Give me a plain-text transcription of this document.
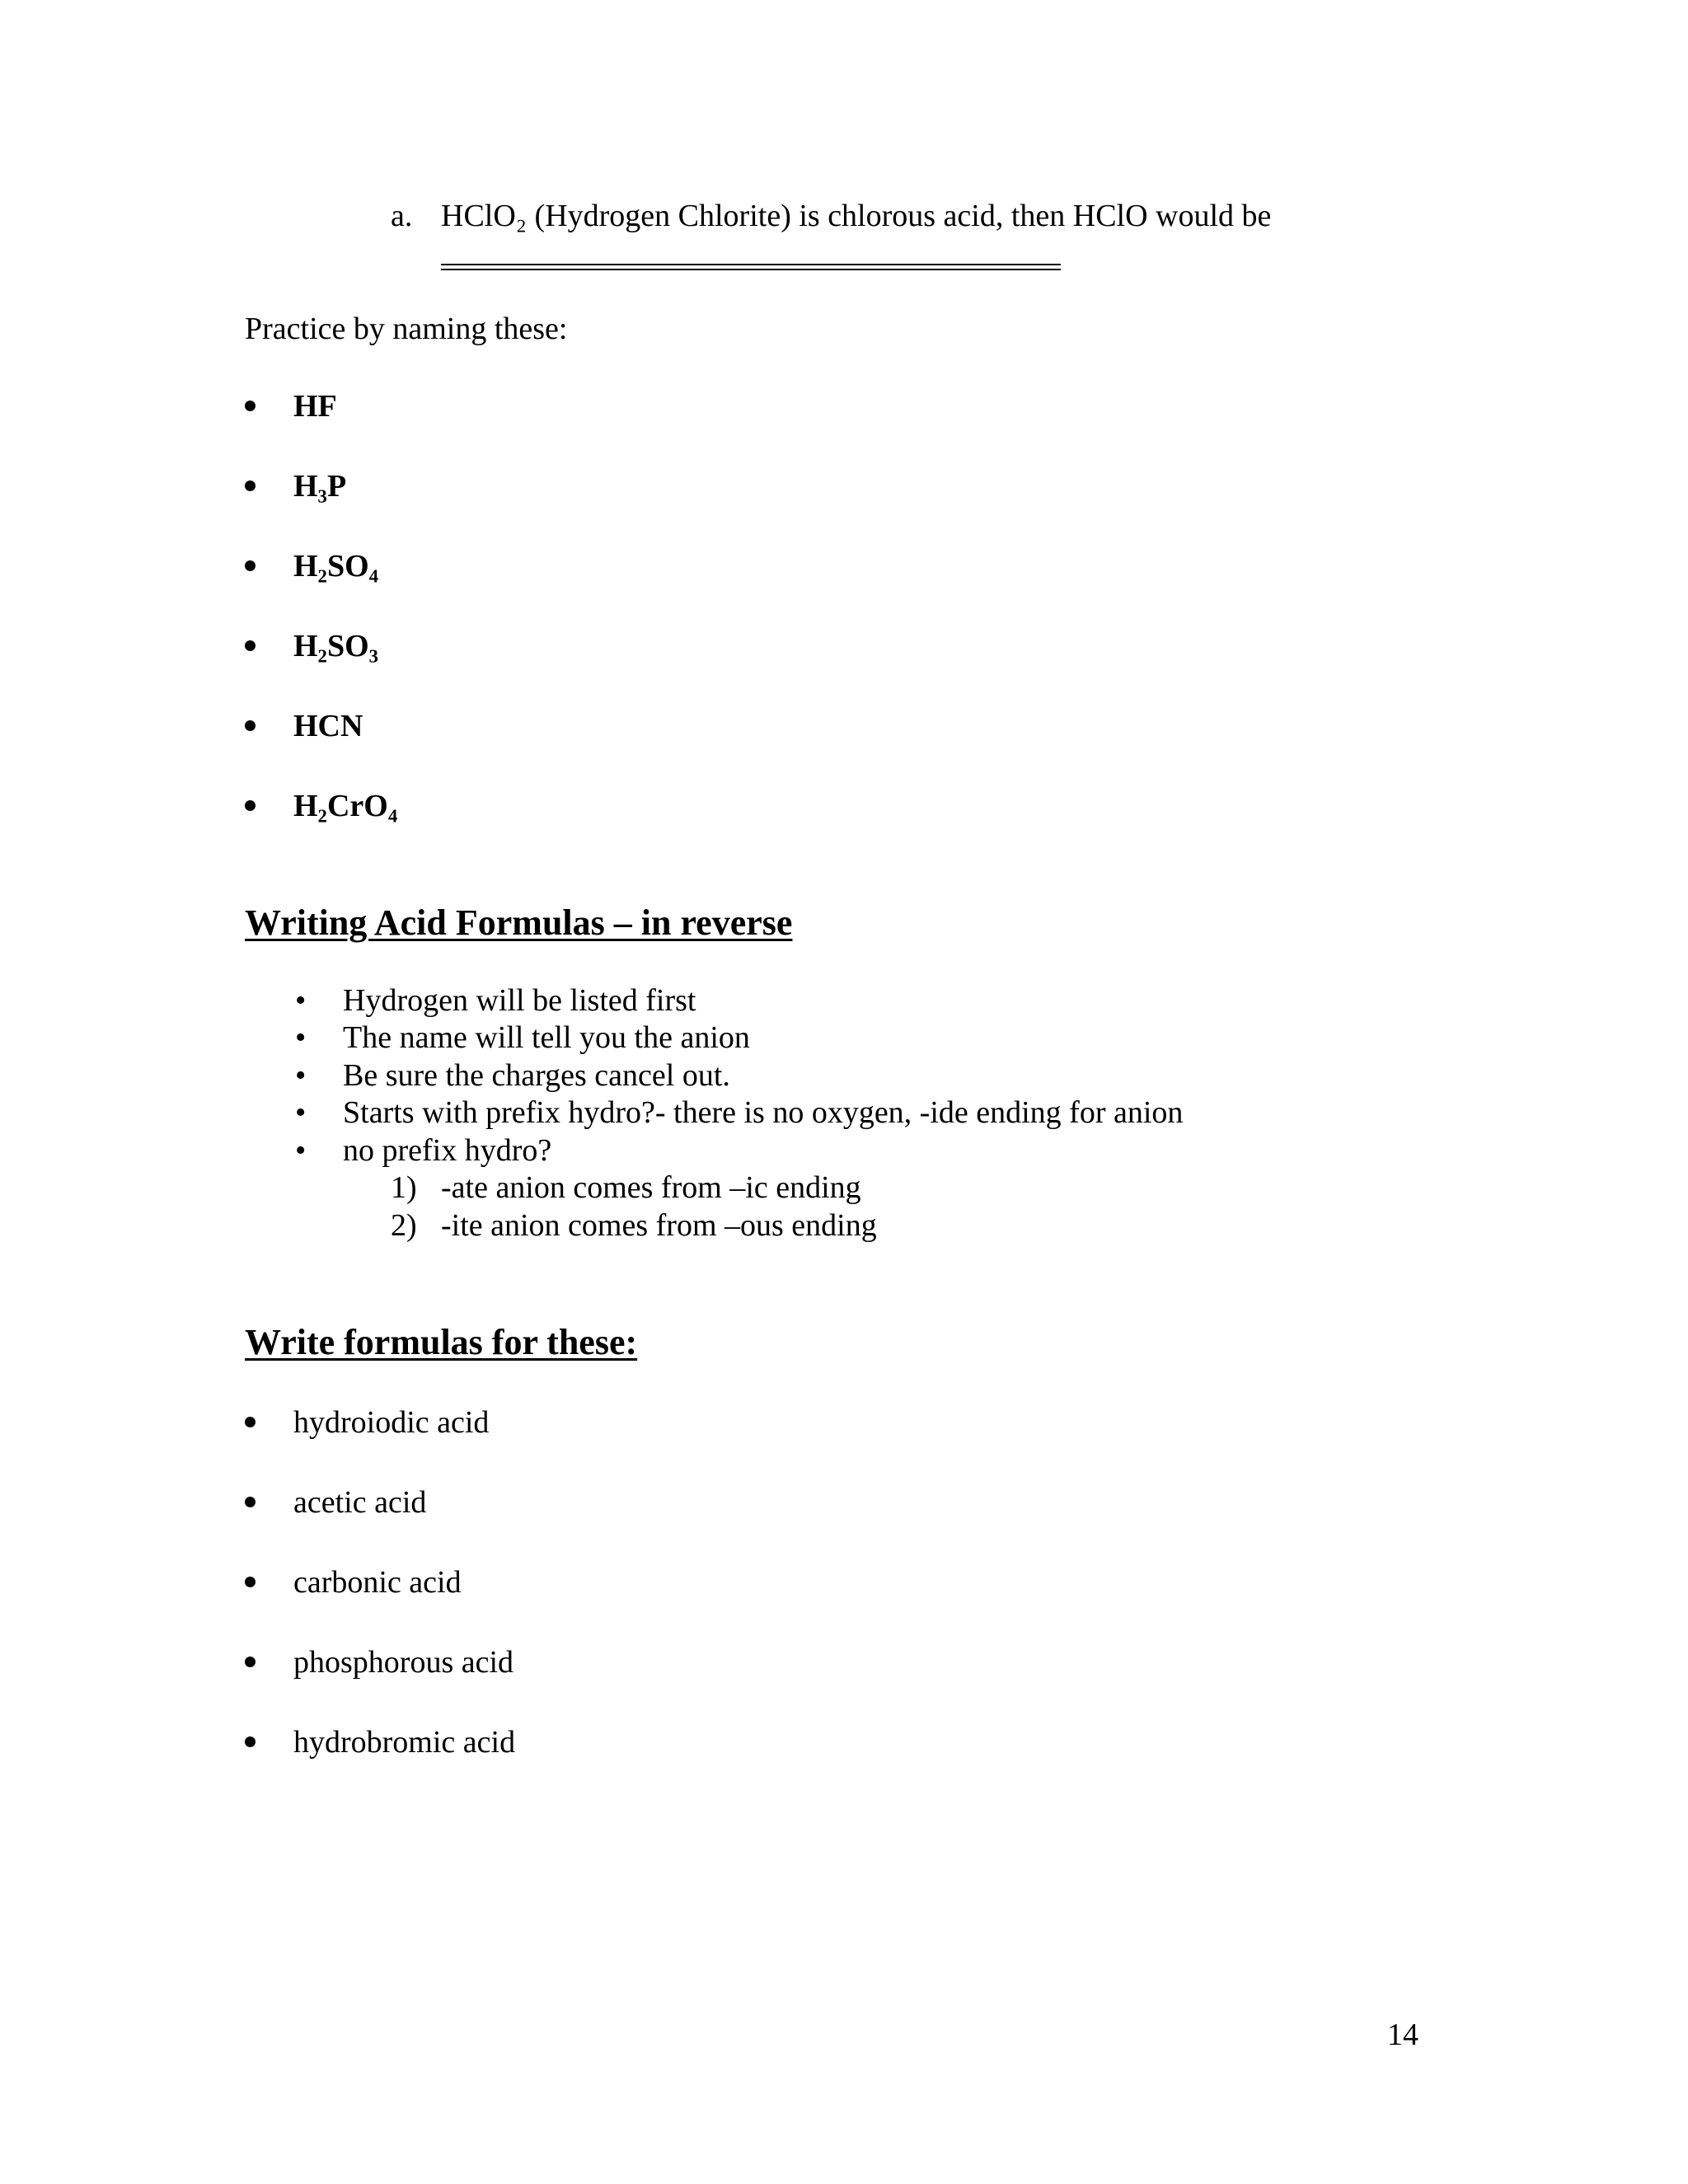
a. HClO₂ (Hydrogen Chlorite) is chlorous acid, then HClO would be
Practice by naming these:
HF
H₃P
H₂SO₄
H₂SO₃
HCN
H₂CrO₄
Writing Acid Formulas – in reverse
• Hydrogen will be listed first
• The name will tell you the anion
• Be sure the charges cancel out.
• Starts with prefix hydro?- there is no oxygen, -ide ending for anion
• no prefix hydro?
1) -ate anion comes from –ic ending
2) -ite anion comes from –ous ending
Write formulas for these:
hydroiodic acid
acetic acid
carbonic acid
phosphorous acid
hydrobromic acid
14
